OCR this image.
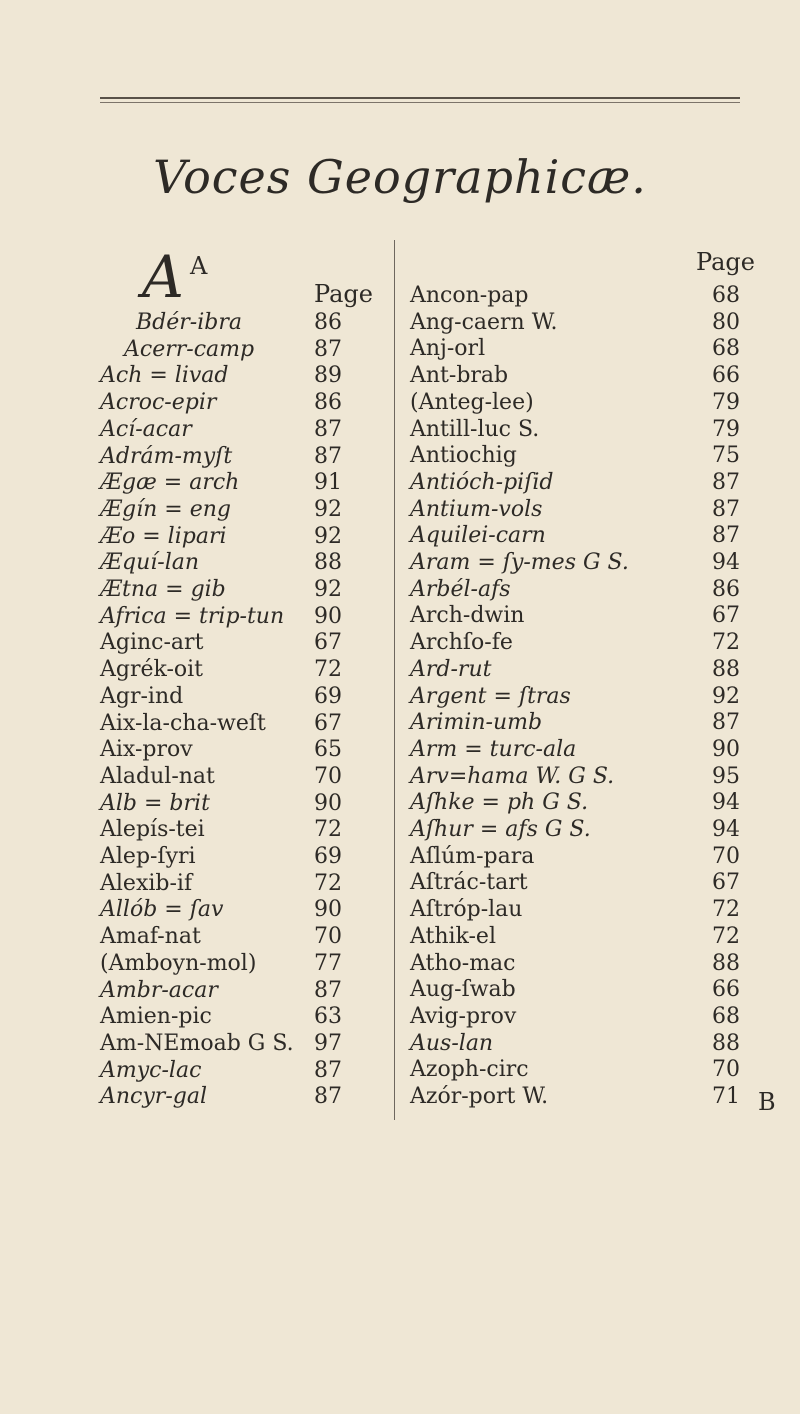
Voces Geographicæ.
A
Page
Page
A
Bdér-ibra	86
Acerr-camp	87
Ach = livad	89
Acroc-epir	86
Ací-acar	87
Adrám-myſt	87
Ægæ = arch	91
Ægín = eng	92
Æo = lipari	92
Æquí-lan	88
Ætna = gib	92
Africa = trip-tun	90
Aginc-art	67
Agrék-oit	72
Agr-ind	69
Aix-la-cha-weſt	67
Aix-prov	65
Aladul-nat	70
Alb = brit	90
Alepís-tei	72
Alep-ſyri	69
Alexib-if	72
Allób = ſav	90
Amaf-nat	70
(Amboyn-mol)	77
Ambr-acar	87
Amien-pic	63
Am-NEmoab G S. 97
Amyc-lac	87
Ancyr-gal	87
Ancon-pap	68
Ang-caern W.	80
Anj-orl	68
Ant-brab	66
(Anteg-lee)	79
Antill-luc S.	79
Antiochig	75
Antióch-piſid	87
Antium-vols	87
Aquilei-carn	87
Aram = ſy-mes G S.	94
Arbél-afs	86
Arch-dwin	67
Archſo-fe	72
Ard-rut	88
Argent = ſtras	92
Arimin-umb	87
Arm = turc-ala	90
Arv=hama W. G S.	95
Aſhke = ph G S.	94
Aſhur = afs G S.	94
Aſlúm-para	70
Aſtrác-tart	67
Aſtróp-lau	72
Athik-el	72
Atho-mac	88
Aug-ſwab	66
Avig-prov	68
Aus-lan	88
Azoph-circ	70
Azór-port W.	71 B
